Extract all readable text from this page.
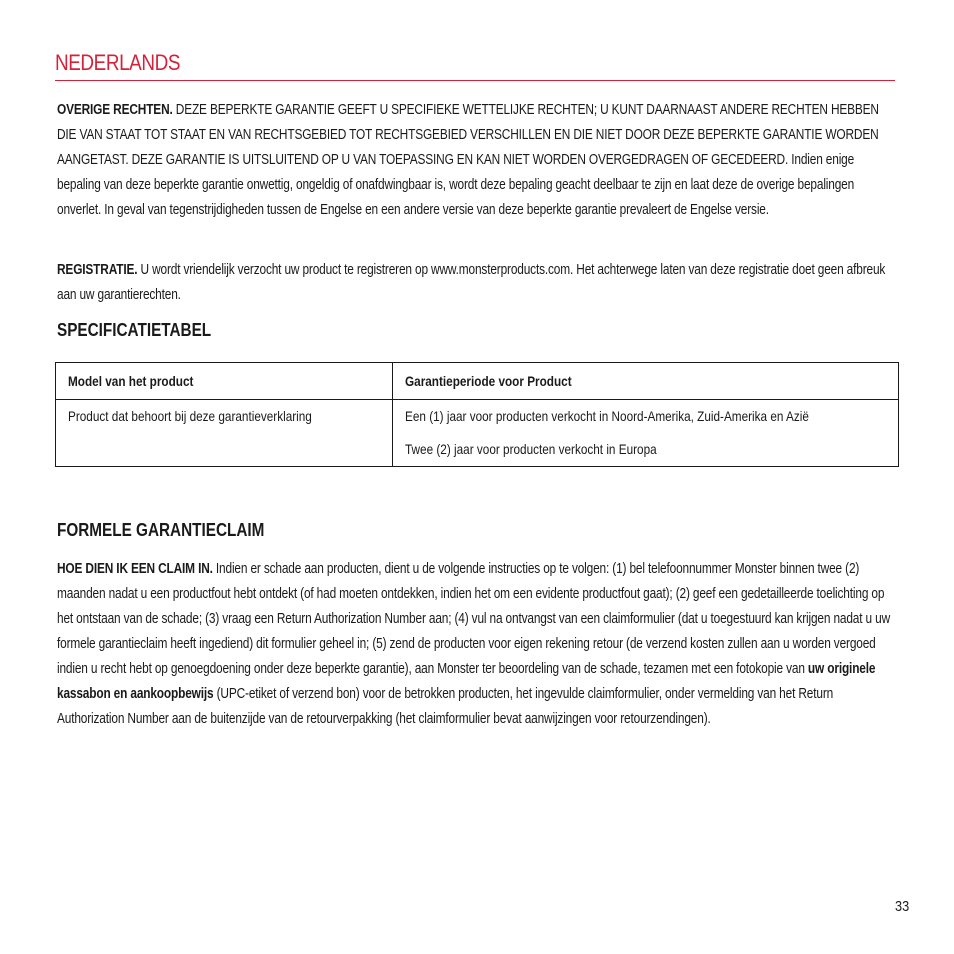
NEDERLANDS
OVERIGE RECHTEN. DEZE BEPERKTE GARANTIE GEEFT U SPECIFIEKE WETTELIJKE RECHTEN; U KUNT DAARNAAST ANDERE RECHTEN HEBBEN DIE VAN STAAT TOT STAAT EN VAN RECHTSGEBIED TOT RECHTSGEBIED VERSCHILLEN EN DIE NIET DOOR DEZE BEPERKTE GARANTIE WORDEN AANGETAST. DEZE GARANTIE IS UITSLUITEND OP U VAN TOEPASSING EN KAN NIET WORDEN OVERGEDRAGEN OF GECEDEERD. Indien enige bepaling van deze beperkte garantie onwettig, ongeldig of onafdwingbaar is, wordt deze bepaling geacht deelbaar te zijn en laat deze de overige bepalingen onverlet. In geval van tegenstrijdigheden tussen de Engelse en een andere versie van deze beperkte garantie prevaleert de Engelse versie.
REGISTRATIE. U wordt vriendelijk verzocht uw product te registreren op www.monsterproducts.com. Het achterwege laten van deze registratie doet geen afbreuk aan uw garantierechten.
SPECIFICATIETABEL
Model van het product	Garantieperiode voor Product

Product dat behoort bij deze garantieverklaring	Een (1) jaar voor producten verkocht in Noord-Amerika, Zuid-Amerika en Azië
Twee (2) jaar voor producten verkocht in Europa
FORMELE GARANTIECLAIM
HOE DIEN IK EEN CLAIM IN. Indien er schade aan producten, dient u de volgende instructies op te volgen: (1) bel telefoonnummer Monster binnen twee (2) maanden nadat u een productfout hebt ontdekt (of had moeten ontdekken, indien het om een evidente productfout gaat); (2) geef een gedetailleerde toelichting op het ontstaan van de schade; (3) vraag een Return Authorization Number aan; (4) vul na ontvangst van een claimformulier (dat u toegestuurd kan krijgen nadat u uw formele garantieclaim heeft ingediend) dit formulier geheel in; (5) zend de producten voor eigen rekening retour (de verzend kosten zullen aan u worden vergoed indien u recht hebt op genoegdoening onder deze beperkte garantie), aan Monster ter beoordeling van de schade, tezamen met een fotokopie van uw originele kassabon en aankoopbewijs (UPC-etiket of verzend bon) voor de betrokken producten, het ingevulde claimformulier, onder vermelding van het Return Authorization Number aan de buitenzijde van de retourverpakking (het claimformulier bevat aanwijzingen voor retourzendingen).
33
